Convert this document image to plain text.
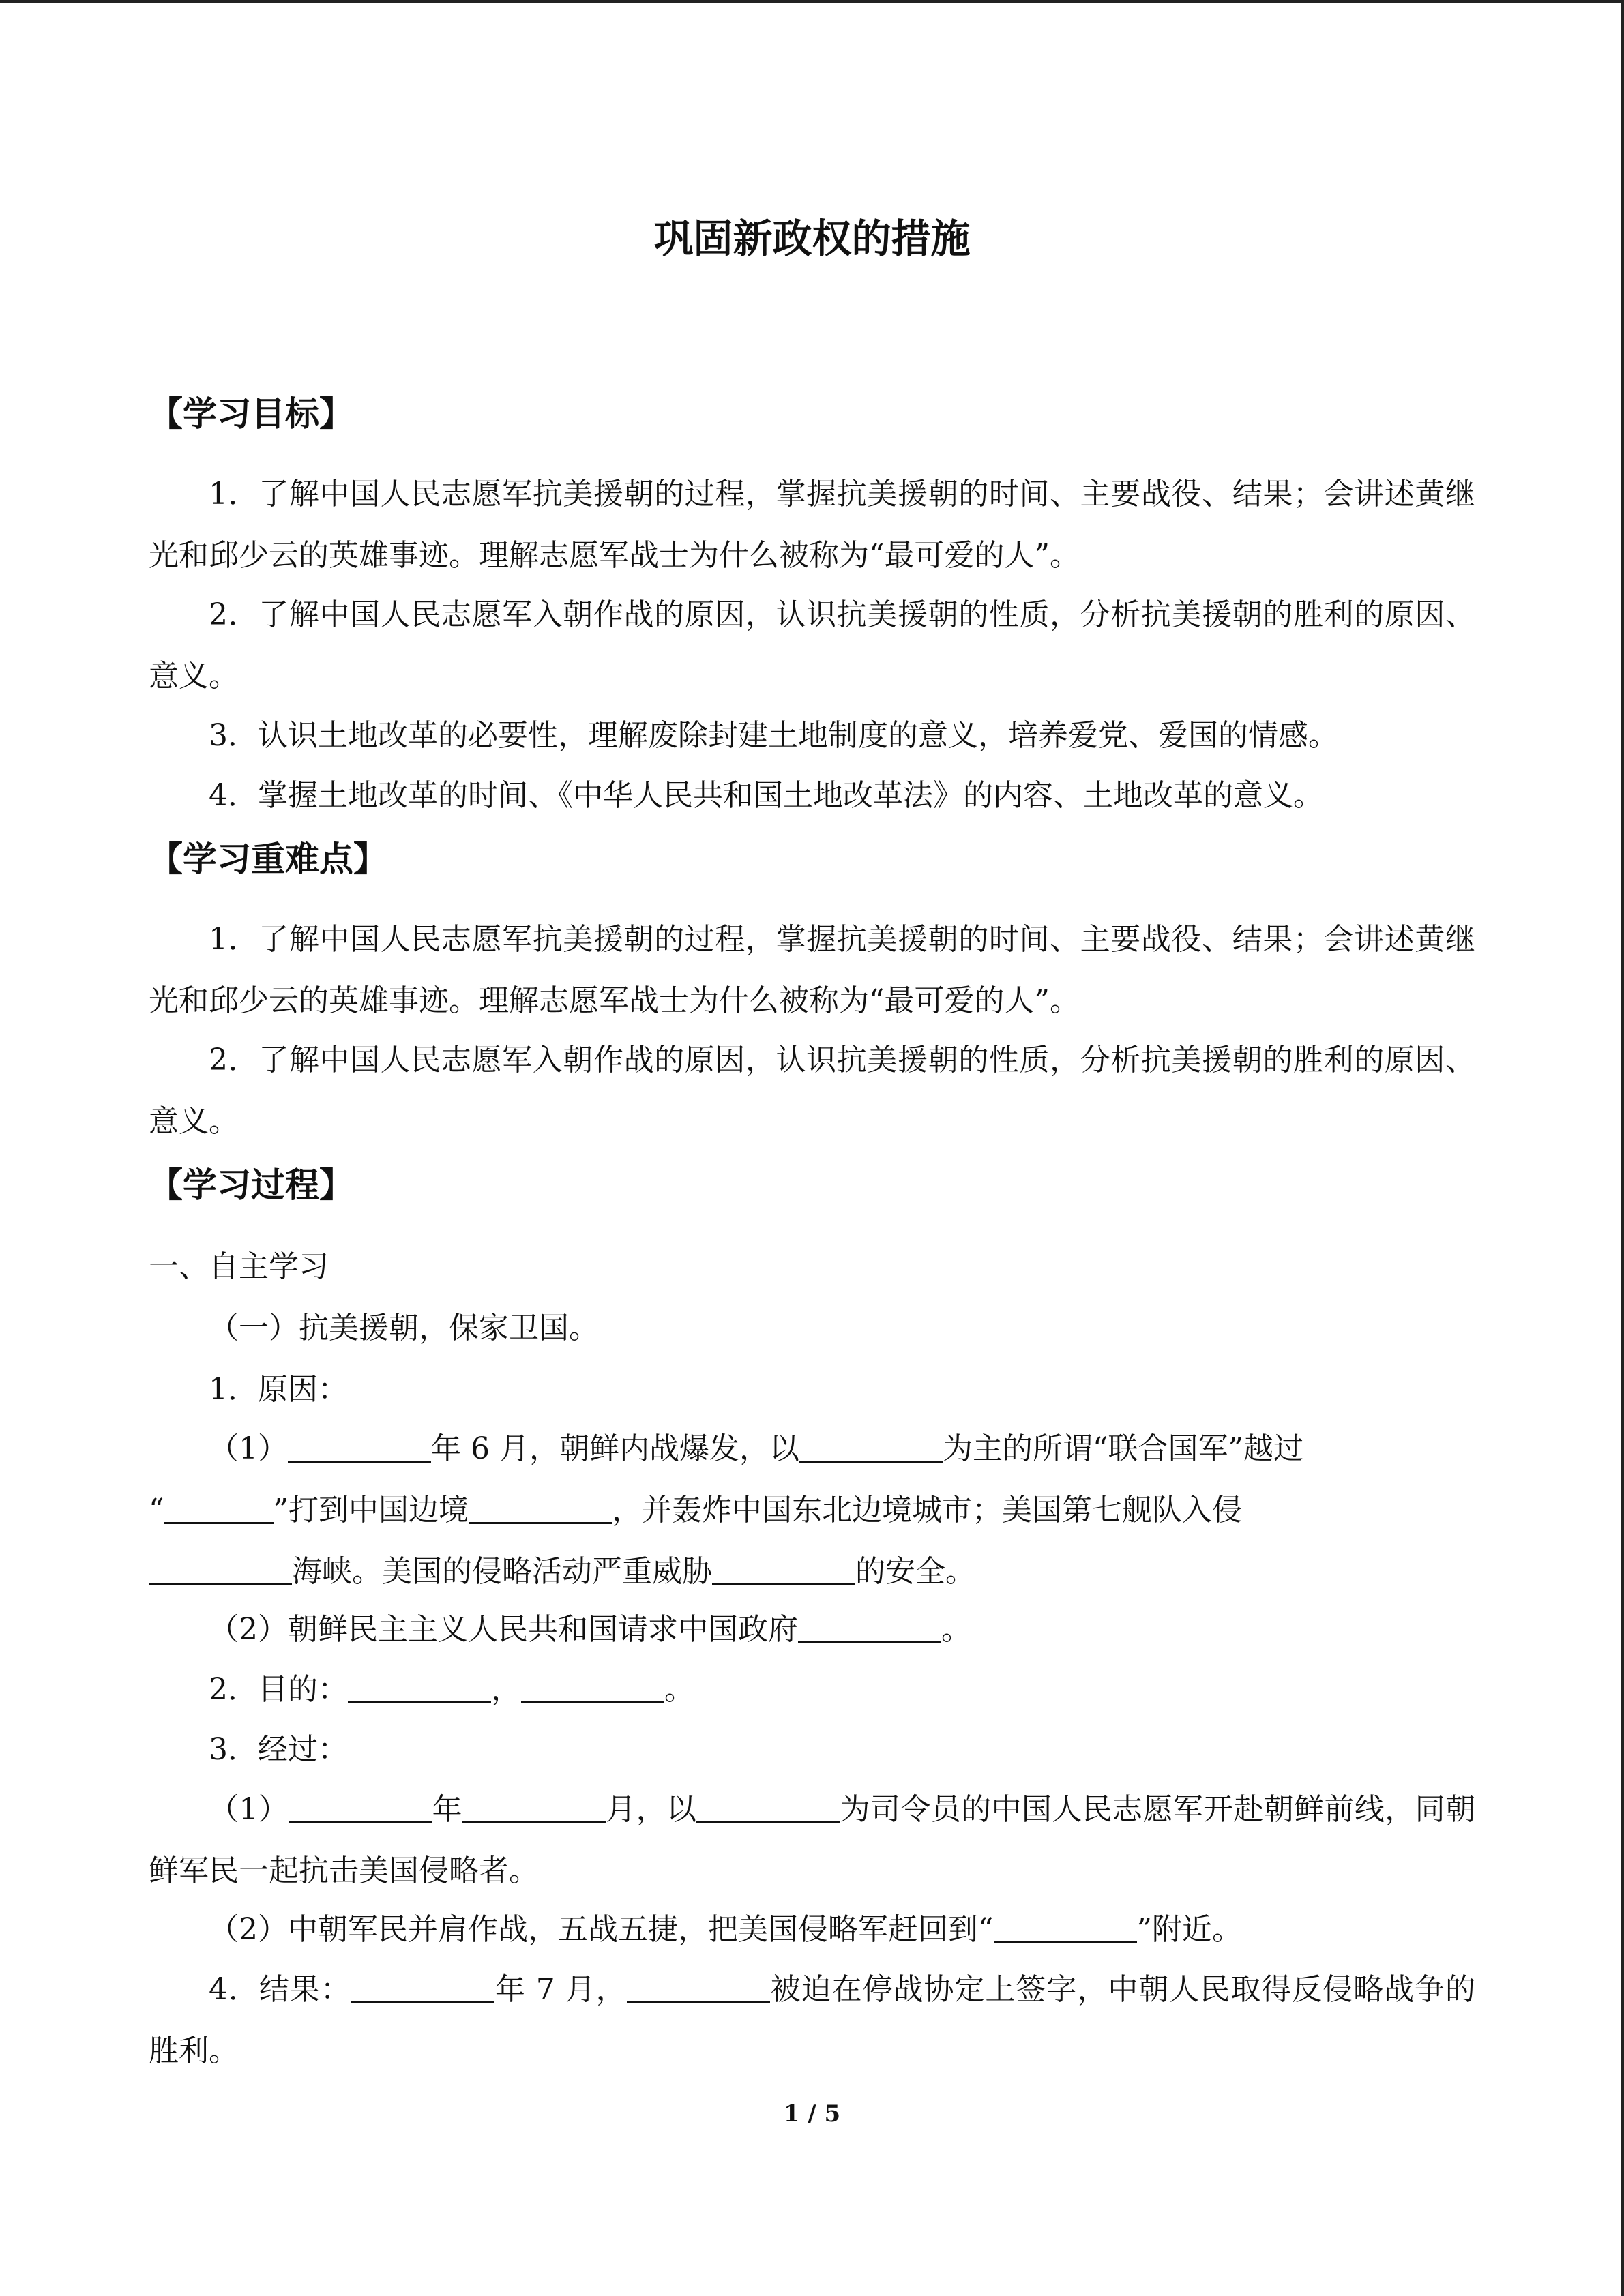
巩固新政权的措施
【学习目标】
1．了解中国人民志愿军抗美援朝的过程，掌握抗美援朝的时间、主要战役、结果；会讲述黄继光和邱少云的英雄事迹。理解志愿军战士为什么被称为“最可爱的人”。
2．了解中国人民志愿军入朝作战的原因，认识抗美援朝的性质，分析抗美援朝的胜利的原因、意义。
3．认识土地改革的必要性，理解废除封建土地制度的意义，培养爱党、爱国的情感。
4．掌握土地改革的时间、《中华人民共和国土地改革法》的内容、土地改革的意义。
【学习重难点】
1．了解中国人民志愿军抗美援朝的过程，掌握抗美援朝的时间、主要战役、结果；会讲述黄继光和邱少云的英雄事迹。理解志愿军战士为什么被称为“最可爱的人”。
2．了解中国人民志愿军入朝作战的原因，认识抗美援朝的性质，分析抗美援朝的胜利的原因、意义。
【学习过程】
一、自主学习
（一）抗美援朝，保家卫国。
1．原因：
（1）	年 6 月，朝鲜内战爆发，以	为主的所谓“联合国军”越过
“	”打到中国边境	，并轰炸中国东北边境城市；美国第七舰队入侵
海峡。美国的侵略活动严重威胁	的安全。
（2）朝鲜民主主义人民共和国请求中国政府	。
2．目的：	，	。
3．经过：
（1）	年	月，以	为司令员的中国人民志愿军开赴朝鲜前线，同朝鲜军民一起抗击美国侵略者。
（2）中朝军民并肩作战，五战五捷，把美国侵略军赶回到“	”附近。
4．结果：	年 7 月，	被迫在停战协定上签字，中朝人民取得反侵略战争的胜利。
1 / 5
